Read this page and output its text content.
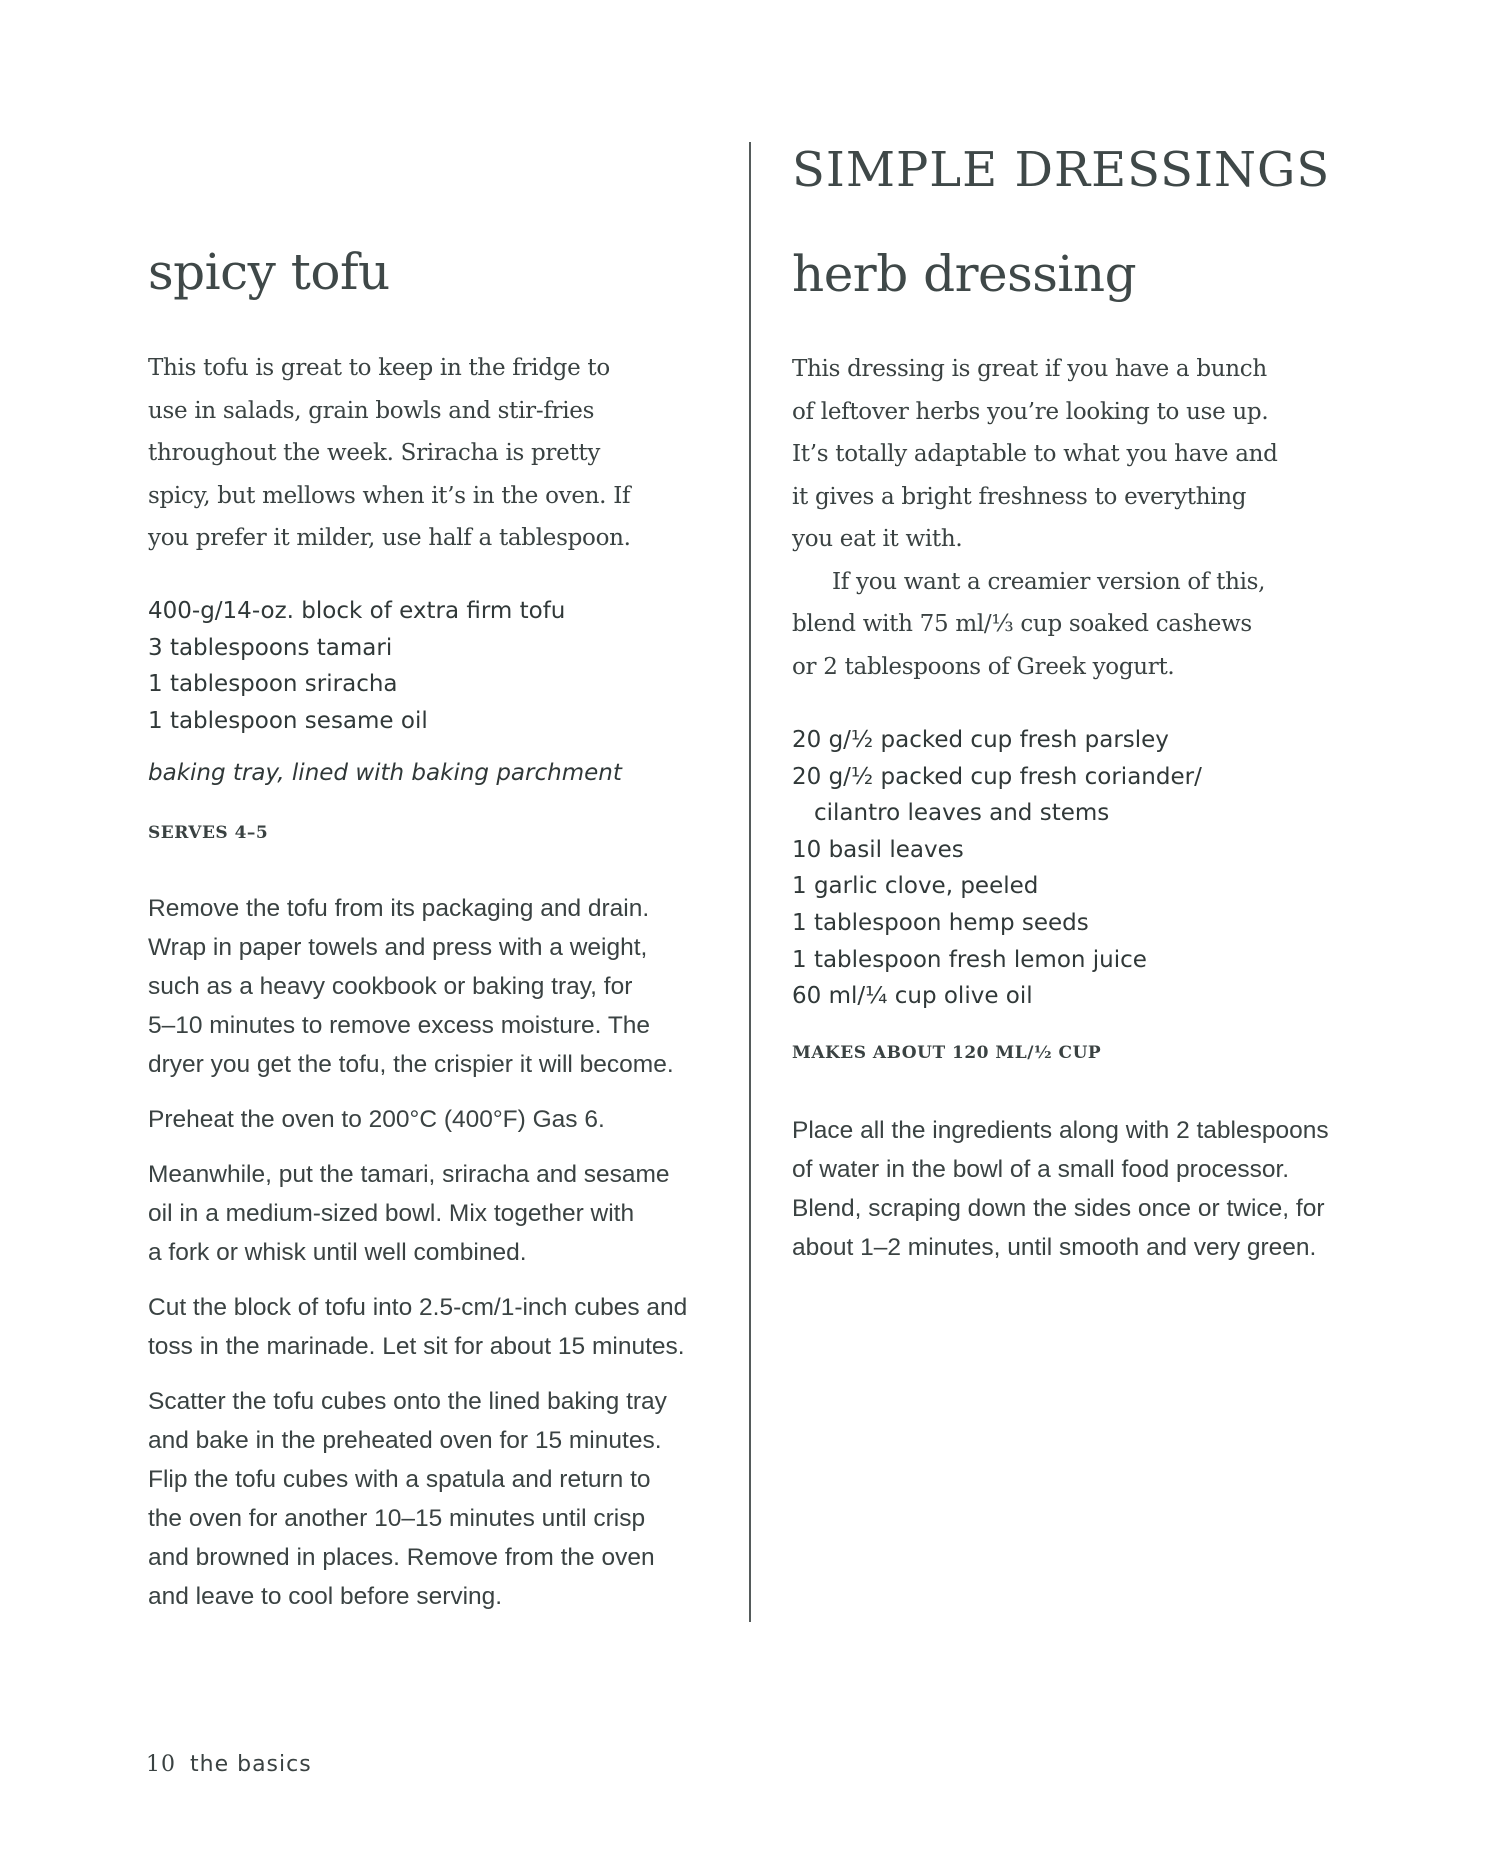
spicy tofu

This tofu is great to keep in the fridge to

use in salads, grain bowls and stir-fries

throughout the week. Sriracha is pretty

spicy, but mellows when it’s in the oven. If

you prefer it milder, use half a tablespoon.

400-g/14-oz. block of extra firm tofu
3 tablespoons tamari
1 tablespoon sriracha
1 tablespoon sesame oil

baking tray, lined with baking parchment

SERVES 4–5

Remove the tofu from its packaging and drain.
Wrap in paper towels and press with a weight,
such as a heavy cookbook or baking tray, for
5–10 minutes to remove excess moisture. The
dryer you get the tofu, the crispier it will become.

Preheat the oven to 200°C (400°F) Gas 6.

Meanwhile, put the tamari, sriracha and sesame
oil in a medium-sized bowl. Mix together with
a fork or whisk until well combined.

Cut the block of tofu into 2.5-cm/1-inch cubes and
toss in the marinade. Let sit for about 15 minutes.

Scatter the tofu cubes onto the lined baking tray
and bake in the preheated oven for 15 minutes.
Flip the tofu cubes with a spatula and return to
the oven for another 10–15 minutes until crisp
and browned in places. Remove from the oven
and leave to cool before serving.

SIMPLE DRESSINGS
herb dressing

This dressing is great if you have a bunch

of leftover herbs you’re looking to use up.

It’s totally adaptable to what you have and

it gives a bright freshness to everything

you eat it with.

If you want a creamier version of this,

blend with 75 ml/⅓ cup soaked cashews

or 2 tablespoons of Greek yogurt.

20 g/½ packed cup fresh parsley
20 g/½ packed cup fresh coriander/
cilantro leaves and stems
10 basil leaves
1 garlic clove, peeled
1 tablespoon hemp seeds
1 tablespoon fresh lemon juice
60 ml/¼ cup olive oil

MAKES ABOUT 120 ML/½ CUP

Place all the ingredients along with 2 tablespoons
of water in the bowl of a small food processor.
Blend, scraping down the sides once or twice, for
about 1–2 minutes, until smooth and very green.

10 the basics
